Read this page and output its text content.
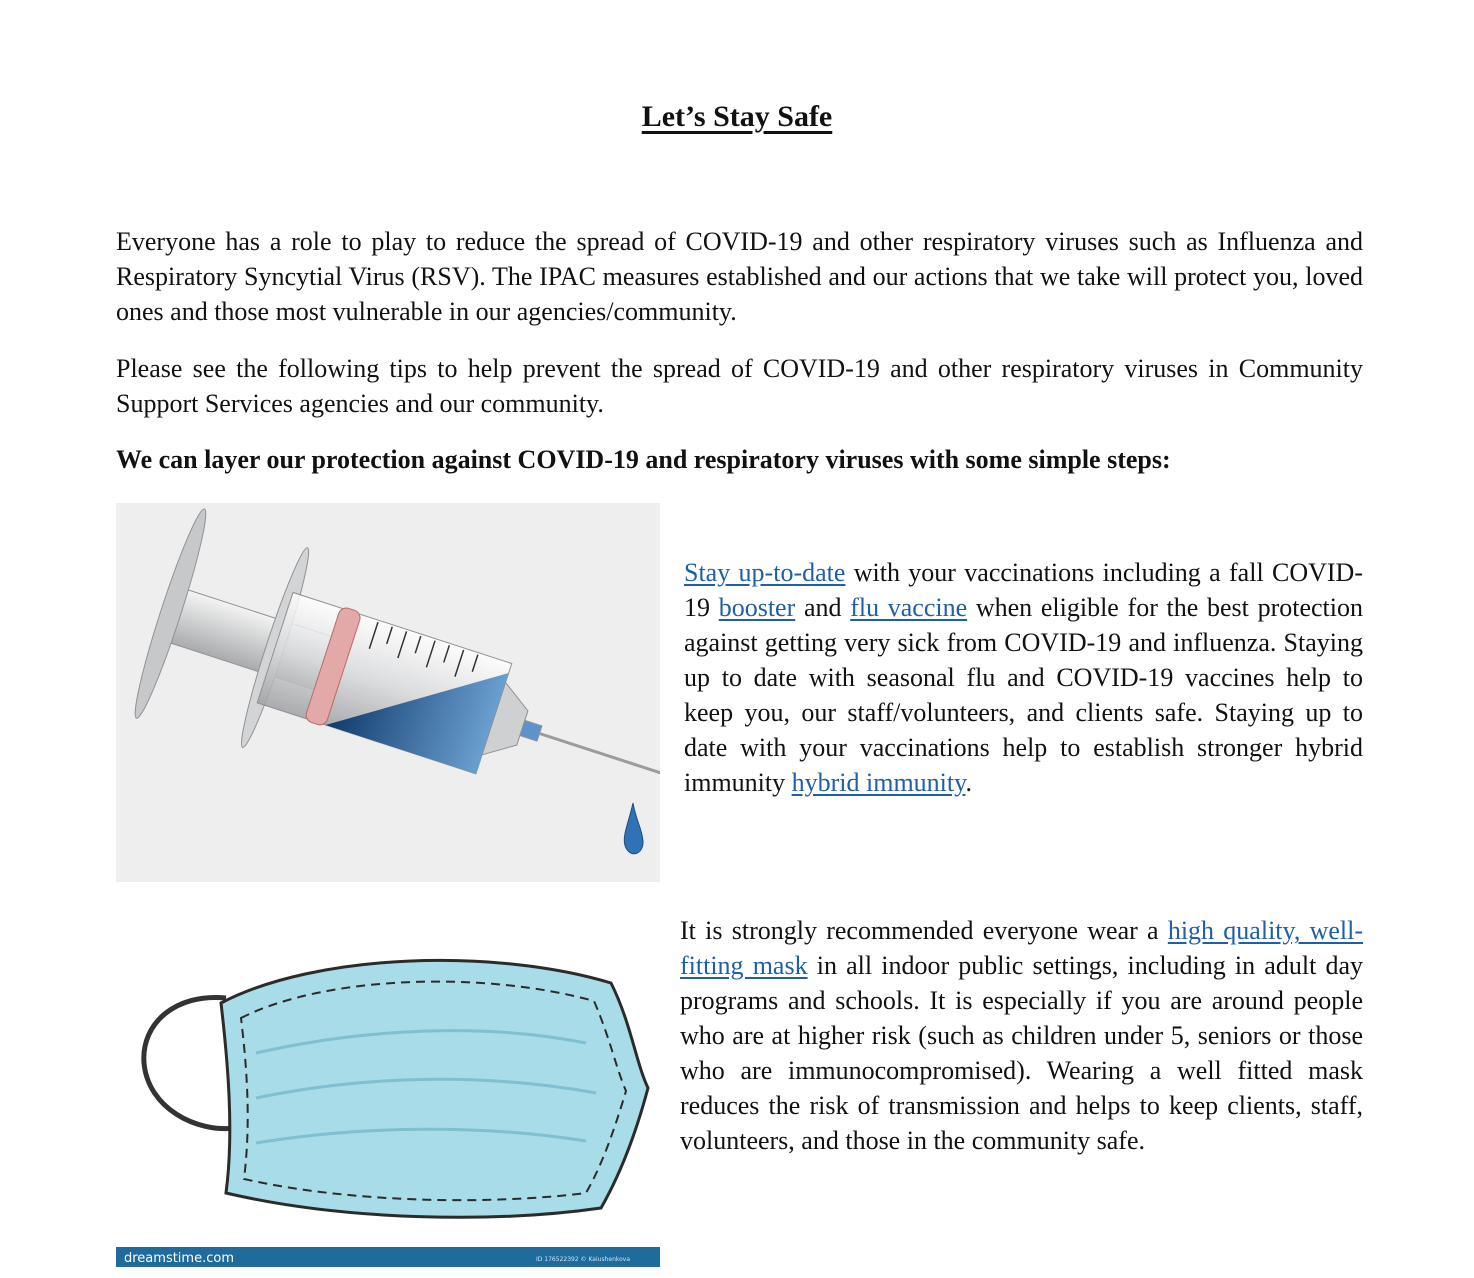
Let’s Stay Safe

Everyone has a role to play to reduce the spread of COVID-19 and other respiratory viruses such as Influenza and Respiratory Syncytial Virus (RSV). The IPAC measures established and our actions that we take will protect you, loved ones and those most vulnerable in our agencies/community.

Please see the following tips to help prevent the spread of COVID-19 and other respiratory viruses in Community Support Services agencies and our community.

We can layer our protection against COVID-19 and respiratory viruses with some simple steps:

Stay up-to-date with your vaccinations including a fall COVID-19 booster and flu vaccine when eligible for the best protection against getting very sick from COVID-19 and influenza. Staying up to date with seasonal flu and COVID-19 vaccines help to keep you, our staff/volunteers, and clients safe. Staying up to date with your vaccinations help to establish stronger hybrid immunity hybrid immunity.

dreamstime.com	ID 176522392 © Kaiushenkova

It is strongly recommended everyone wear a high quality, well-fitting mask in all indoor public settings, including in adult day programs and schools. It is especially if you are around people who are at higher risk (such as children under 5, seniors or those who are immunocompromised). Wearing a well fitted mask reduces the risk of transmission and helps to keep clients, staff, volunteers, and those in the community safe.
